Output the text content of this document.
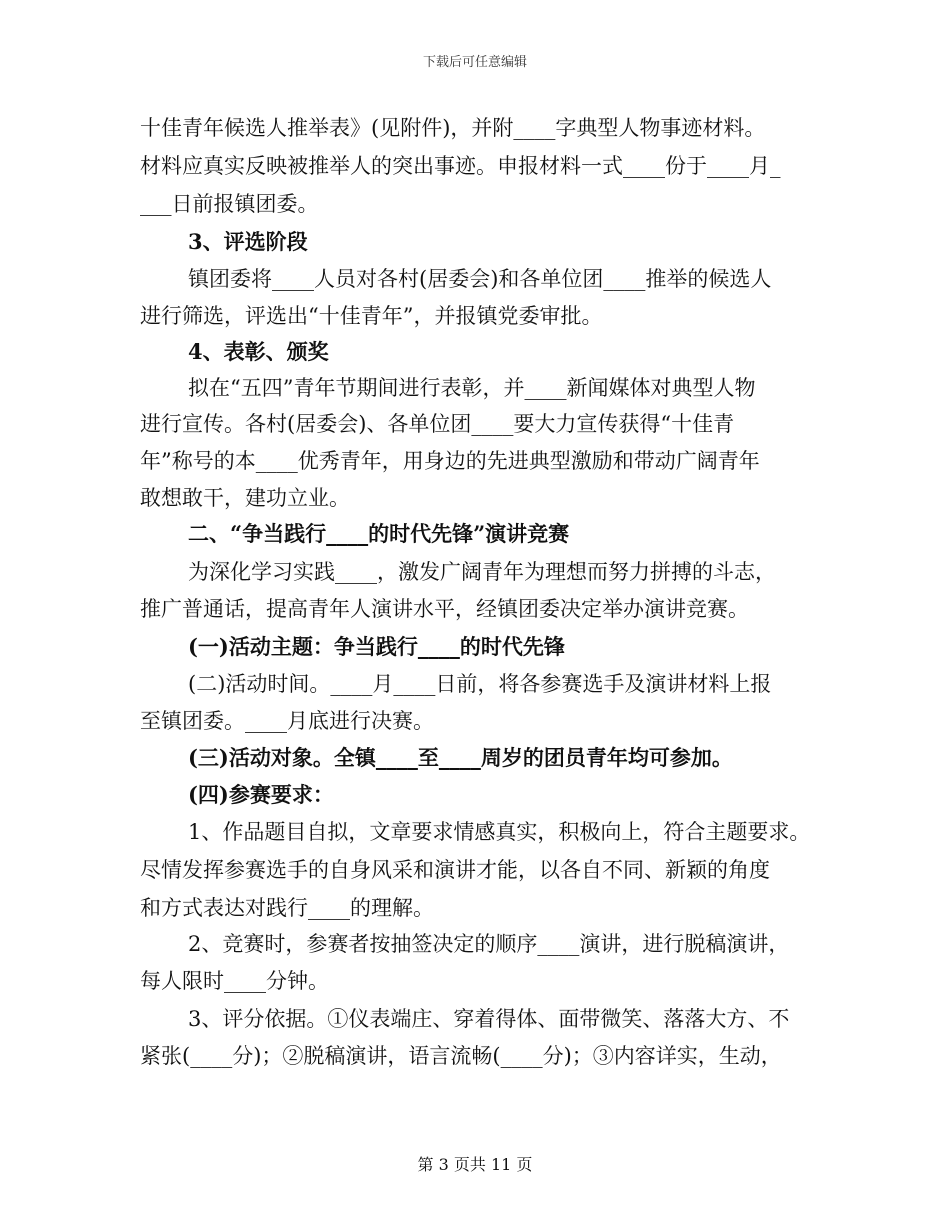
下载后可任意编辑
十佳青年候选人推举表》(见附件)，并附____字典型人物事迹材料。
材料应真实反映被推举人的突出事迹。申报材料一式____份于____月_
___日前报镇团委。
3、评选阶段
镇团委将____人员对各村(居委会)和各单位团____推举的候选人
进行筛选，评选出“十佳青年”，并报镇党委审批。
4、表彰、颁奖
拟在“五四”青年节期间进行表彰，并____新闻媒体对典型人物
进行宣传。各村(居委会)、各单位团____要大力宣传获得“十佳青
年”称号的本____优秀青年，用身边的先进典型激励和带动广阔青年
敢想敢干，建功立业。
二、“争当践行____的时代先锋”演讲竞赛
为深化学习实践____，激发广阔青年为理想而努力拼搏的斗志，
推广普通话，提高青年人演讲水平，经镇团委决定举办演讲竞赛。
(一)活动主题：争当践行____的时代先锋
(二)活动时间。____月____日前，将各参赛选手及演讲材料上报
至镇团委。____月底进行决赛。
(三)活动对象。全镇____至____周岁的团员青年均可参加。
(四)参赛要求：
1、作品题目自拟，文章要求情感真实，积极向上，符合主题要求。
尽情发挥参赛选手的自身风采和演讲才能，以各自不同、新颖的角度
和方式表达对践行____的理解。
2、竞赛时，参赛者按抽签决定的顺序____演讲，进行脱稿演讲，
每人限时____分钟。
3、评分依据。①仪表端庄、穿着得体、面带微笑、落落大方、不
紧张(____分)；②脱稿演讲，语言流畅(____分)；③内容详实，生动，
第 3 页共 11 页
